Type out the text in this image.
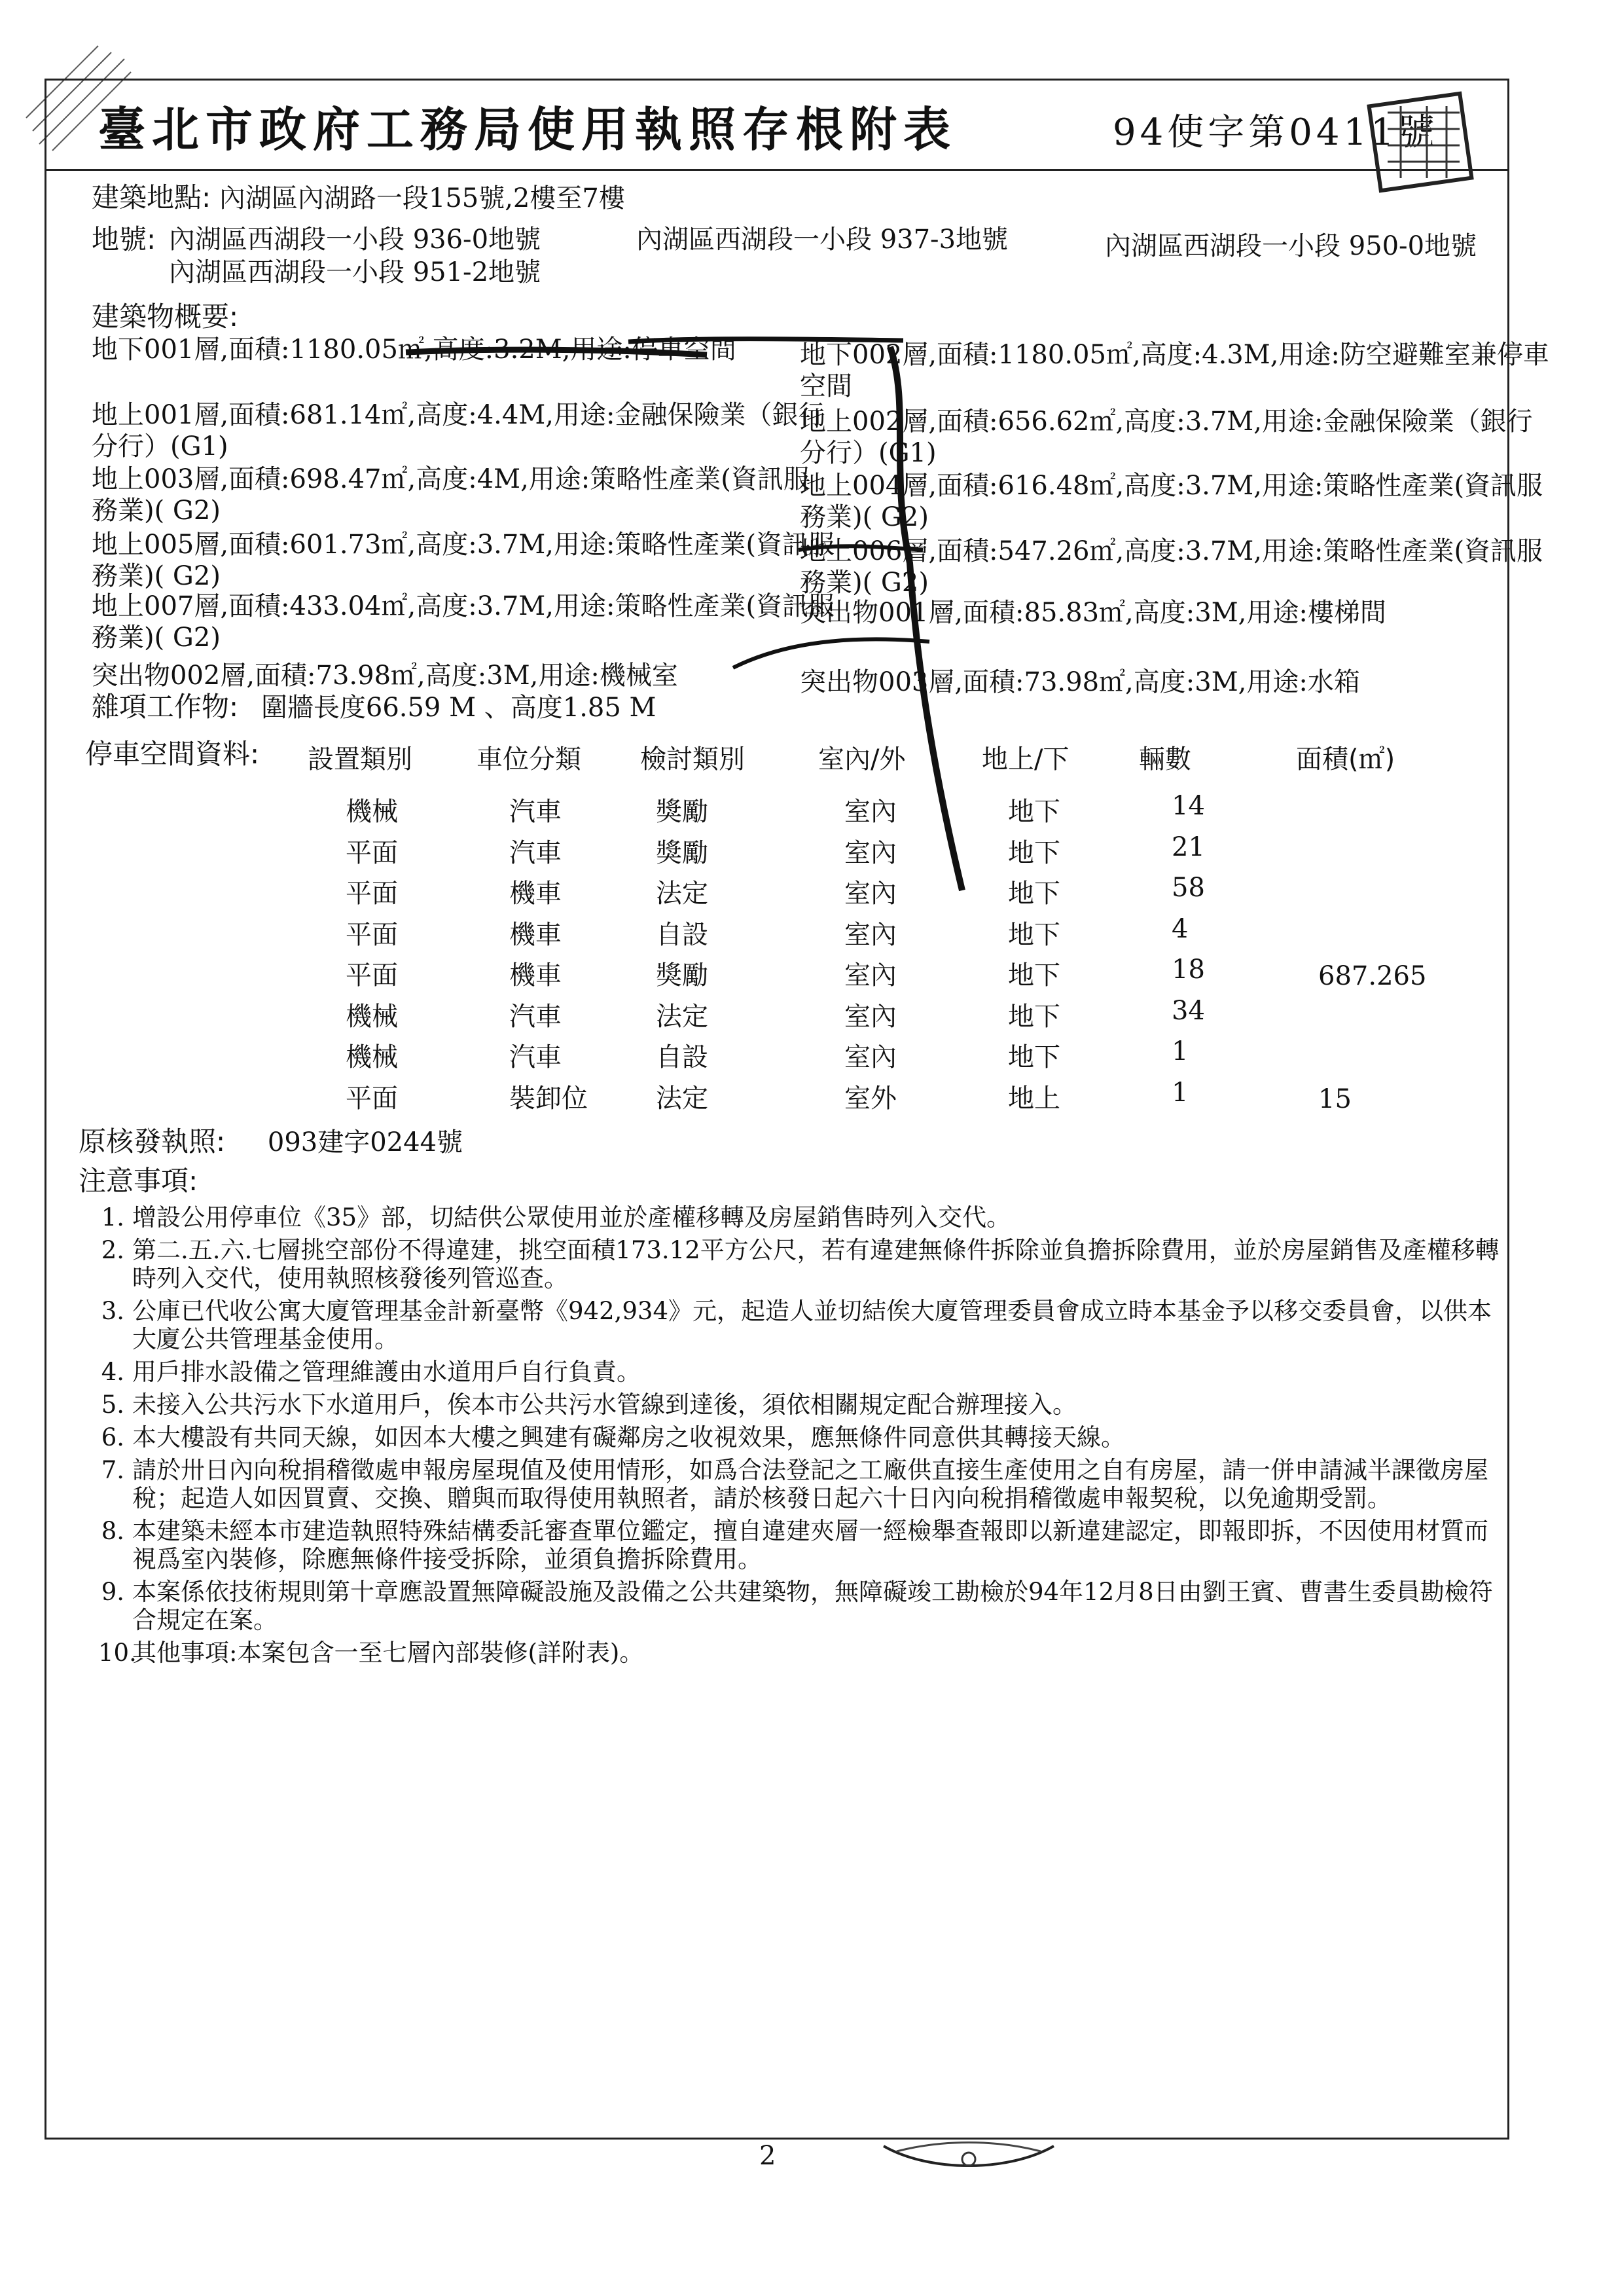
臺北市政府工務局使用執照存根附表	94使字第0411號
建築地點: 內湖區內湖路一段155號,2樓至7樓
地號: 內湖區西湖段一小段 936-0地號	內湖區西湖段一小段 937-3地號	內湖區西湖段一小段 950-0地號
內湖區西湖段一小段 951-2地號
建築物概要:
地下001層,面積:1180.05㎡,高度:3.2M,用途:停車空間 地下002層,面積:1180.05㎡,高度:4.3M,用途:防空避難室兼停車
空間
地上001層,面積:681.14㎡,高度:4.4M,用途:金融保險業（銀行
分行）(G1)
地上002層,面積:656.62㎡,高度:3.7M,用途:金融保險業（銀行
分行）(G1)
地上003層,面積:698.47㎡,高度:4M,用途:策略性產業(資訊服
務業)( G2)
地上004層,面積:616.48㎡,高度:3.7M,用途:策略性產業(資訊服
務業)( G2)
地上005層,面積:601.73㎡,高度:3.7M,用途:策略性產業(資訊服
務業)( G2)
地上006層,面積:547.26㎡,高度:3.7M,用途:策略性產業(資訊服
務業)( G2)
地上007層,面積:433.04㎡,高度:3.7M,用途:策略性產業(資訊服
務業)( G2)
突出物001層,面積:85.83㎡,高度:3M,用途:樓梯間
突出物002層,面積:73.98㎡,高度:3M,用途:機械室	突出物003層,面積:73.98㎡,高度:3M,用途:水箱
雜項工作物: 圍牆長度66.59 M 、高度1.85 M
停車空間資料: 設置類別 車位分類 檢討類別	室內/外	地上/下	輛數	面積(㎡)
機械	汽車	獎勵	室內	地下	14
平面	汽車	獎勵	室內	地下	21
平面	機車	法定	室內	地下	58
平面	機車	自設	室內	地下	4
平面	機車	獎勵	室內	地下	18	687.265
機械	汽車	法定	室內	地下	34
機械	汽車	自設	室內	地下	1
平面	裝卸位	法定	室外	地上	1	15
原核發執照: 093建字0244號
注意事項:
1. 增設公用停車位《35》部，切結供公眾使用並於產權移轉及房屋銷售時列入交代。
2. 第二.五.六.七層挑空部份不得違建，挑空面積173.12平方公尺，若有違建無條件拆除並負擔拆除費用，並於房屋銷售及產權移轉時列入交代，使用執照核發後列管巡查。
3. 公庫已代收公寓大廈管理基金計新臺幣《942,934》元，起造人並切結俟大廈管理委員會成立時本基金予以移交委員會，以供本大廈公共管理基金使用。
4. 用戶排水設備之管理維護由水道用戶自行負責。
5. 未接入公共污水下水道用戶，俟本市公共污水管線到達後，須依相關規定配合辦理接入。
6. 本大樓設有共同天線，如因本大樓之興建有礙鄰房之收視效果，應無條件同意供其轉接天線。
7. 請於卅日內向稅捐稽徵處申報房屋現值及使用情形，如爲合法登記之工廠供直接生產使用之自有房屋，請一併申請減半課徵房屋稅；起造人如因買賣、交換、贈與而取得使用執照者，請於核發日起六十日內向稅捐稽徵處申報契稅，以免逾期受罰。
8. 本建築未經本市建造執照特殊結構委託審查單位鑑定，擅自違建夾層一經檢舉查報即以新違建認定，即報即拆，不因使用材質而視爲室內裝修，除應無條件接受拆除，並須負擔拆除費用。
9. 本案係依技術規則第十章應設置無障礙設施及設備之公共建築物，無障礙竣工勘檢於94年12月8日由劉王賓、曹書生委員勘檢符合規定在案。
10.
其他事項:本案包含一至七層內部裝修(詳附表)。
2
